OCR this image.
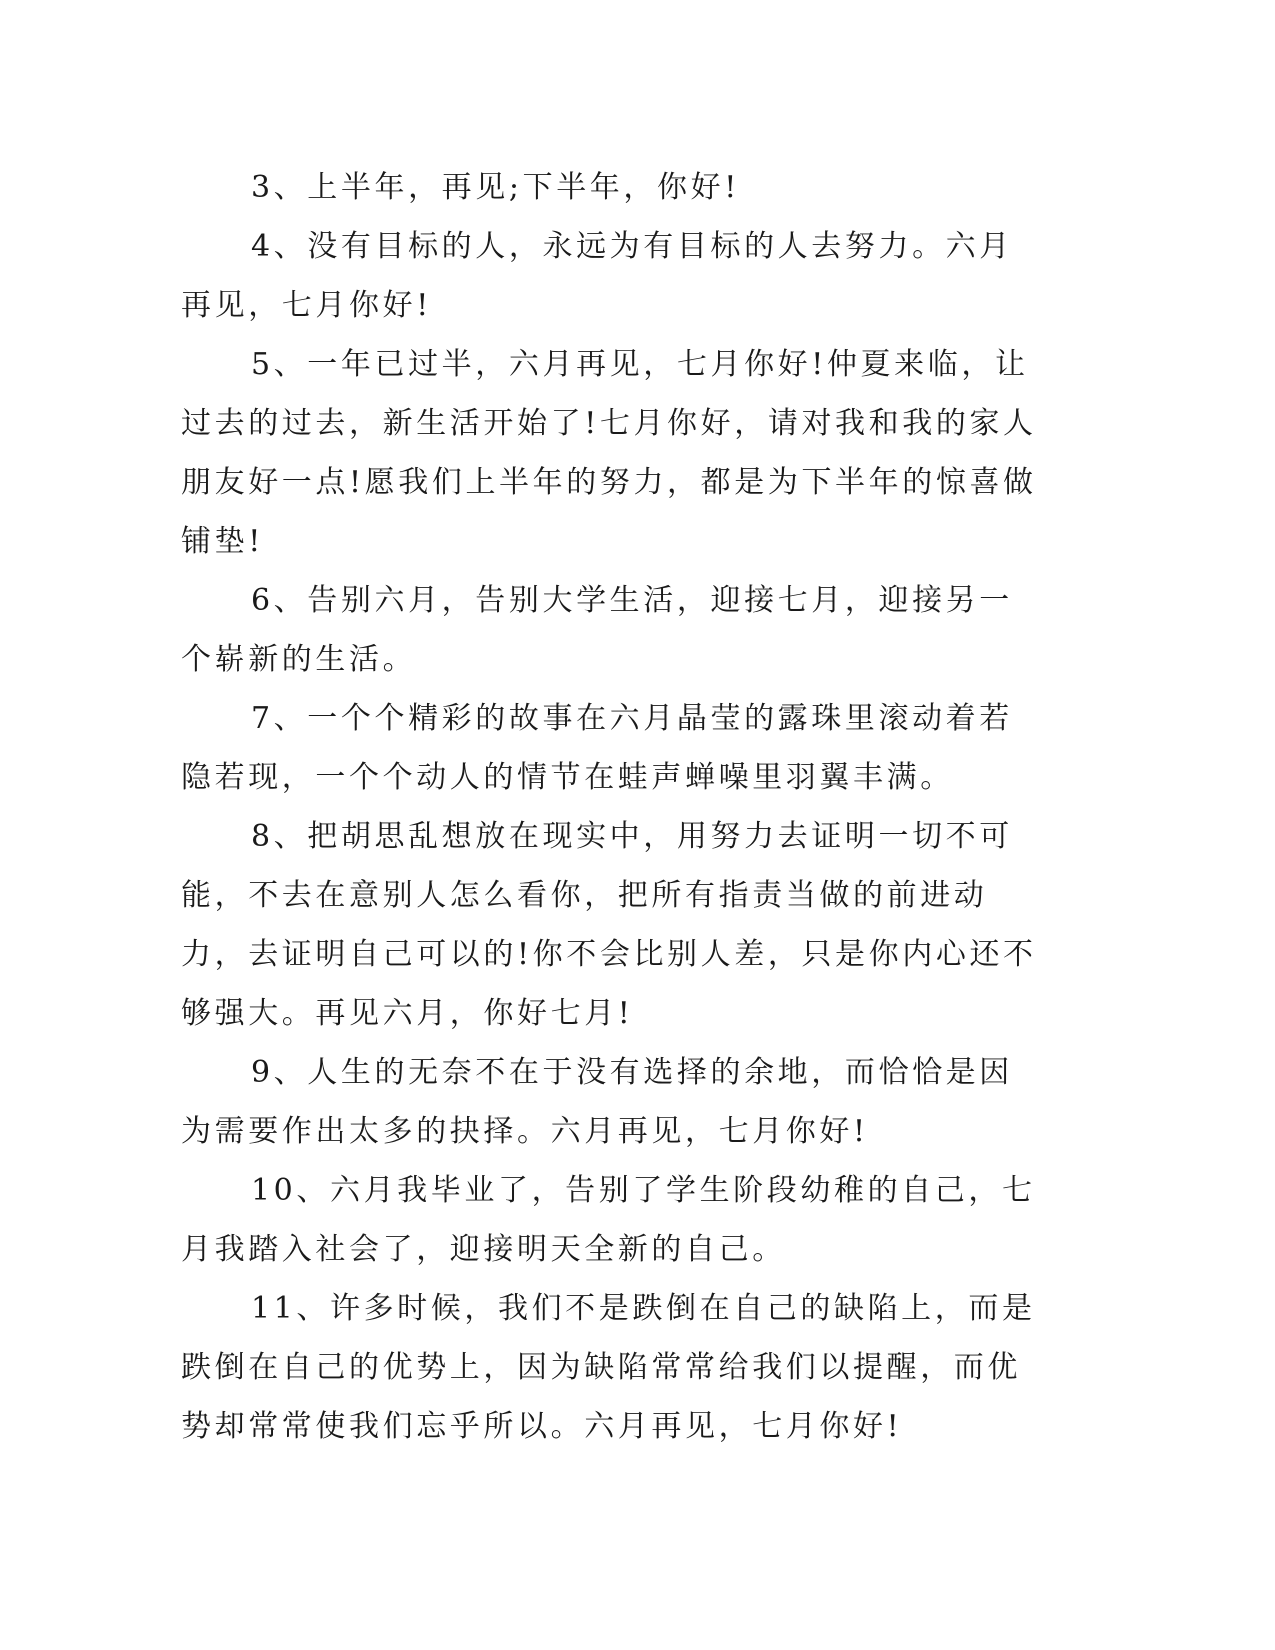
3、上半年，再见;下半年，你好!

4、没有目标的人，永远为有目标的人去努力。六月再见，七月你好!

5、一年已过半，六月再见，七月你好!仲夏来临，让过去的过去，新生活开始了!七月你好，请对我和我的家人朋友好一点!愿我们上半年的努力，都是为下半年的惊喜做铺垫!

6、告别六月，告别大学生活，迎接七月，迎接另一个崭新的生活。

7、一个个精彩的故事在六月晶莹的露珠里滚动着若隐若现，一个个动人的情节在蛙声蝉噪里羽翼丰满。

8、把胡思乱想放在现实中，用努力去证明一切不可能，不去在意别人怎么看你，把所有指责当做的前进动力，去证明自己可以的!你不会比别人差，只是你内心还不够强大。再见六月，你好七月!

9、人生的无奈不在于没有选择的余地，而恰恰是因为需要作出太多的抉择。六月再见，七月你好!

10、六月我毕业了，告别了学生阶段幼稚的自己，七月我踏入社会了，迎接明天全新的自己。

11、许多时候，我们不是跌倒在自己的缺陷上，而是跌倒在自己的优势上，因为缺陷常常给我们以提醒，而优势却常常使我们忘乎所以。六月再见，七月你好!
